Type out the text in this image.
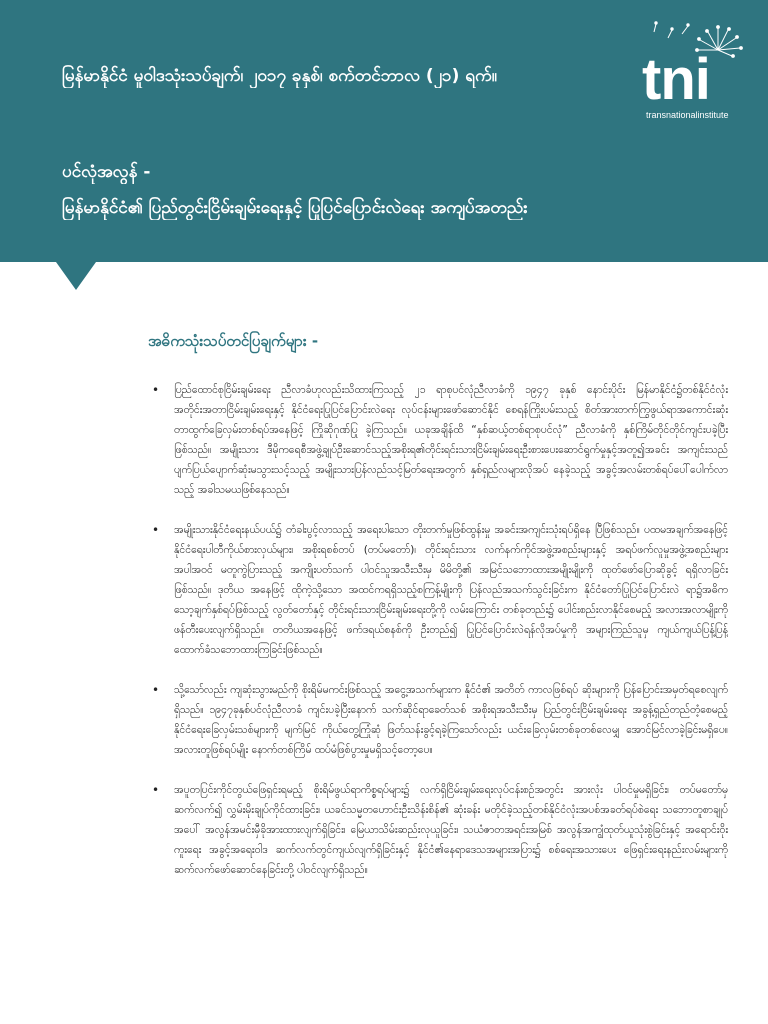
မြန်မာနိုင်ငံ မူဝါဒသုံးသပ်ချက်၊ ၂၀၁၇ ခုနှစ်၊ စက်တင်ဘာလ (၂၁) ရက်။	tni
transnationalinstitute
ပင်လုံအလွန် -
မြန်မာနိုင်ငံ၏ ပြည်တွင်းငြိမ်းချမ်းရေးနှင့် ပြုပြင်ပြောင်းလဲရေး အကျပ်အတည်း
အဓိကသုံးသပ်တင်ပြချက်များ -
• ပြည်ထောင်စုငြိမ်းချမ်းရေး ညီလာခံဟုလည်းသိထားကြသည့် ၂၁ ရာစုပင်လုံညီလာခံကို ၁၉၄၇ ခုနှစ် နောင်းပိုင်း မြန်မာနိုင်ငံ၌တစ်နိုင်ငံလုံးအတိုင်းအတာငြိမ်းချမ်းရေးနှင့် နိုင်ငံရေးပြုပြင်ပြောင်းလဲရေး လုပ်ငန်းများဖော်ဆောင်နိုင် စေရန်ကြိုးပမ်းသည့် စိတ်အားတက်ကြွဖွယ်ရာအကောင်းဆုံး တာထွက်ခြေလှမ်းတစ်ရပ်အနေဖြင့် ကြိုဆိုဂုဏ်ပြု ခဲ့ကြသည်။ ယခုအချိန်ထိ “နှစ်ဆယ့်တစ်ရာစုပင်လုံ” ညီလာခံကို နှစ်ကြိမ်တိုင်တိုင်ကျင်းပခဲ့ပြီးဖြစ်သည်။ အမျိုးသား ဒီမိုကရေစီအဖွဲ့ချုပ်ဦးဆောင်သည့်အစိုးရ၏တိုင်းရင်းသားငြိမ်းချမ်းရေးဦးစားပေးဆောင်ရွက်မှုနှင့်အတူ၍အခင်း အကျင်းသည် ပျက်ပြယ်ပျောက်ဆုံးမသွားသင့်သည့် အမျိုးသားပြန်လည်သင့်မြတ်ရေးအတွက် နှစ်ရှည်လများလိုအပ် နေခဲ့သည့် အခွင့်အလမ်းတစ်ရပ်ပေါ်ပေါက်လာသည့် အခါသမယဖြစ်နေသည်။
• အမျိုးသားနိုင်ငံရေးနယ်ပယ်၌ တံခါးပွင့်လာသည့် အရေးပါသော တိုးတက်မှုဖြစ်ထွန်းမှု အခင်းအကျင်းသုံးရပ်ရှိနေ ပြီဖြစ်သည်။ ပထမအချက်အနေဖြင့် နိုင်ငံရေးပါတီကိုယ်စားလှယ်များ၊ အစိုးရစစ်တပ် (တပ်မတော်)၊ တိုင်းရင်းသား လက်နက်ကိုင်အဖွဲ့အစည်းများနှင့် အရပ်ဖက်လူမှုအဖွဲ့အစည်းများအပါအဝင် မတူကွဲပြားသည့် အကျိုးပတ်သက် ပါဝင်သူအသီးသီးမှ မိမိတို့၏ အမြင်သဘောထားအမျိုးမျိုးကို ထုတ်ဖော်ပြောဆိုခွင့် ရရှိလာခြင်းဖြစ်သည်။ ဒုတိယ အနေဖြင့် ထိုကဲ့သို့သော အထင်ကရရှိသည့်စကြန့်မျိုးကို ပြန်လည်အသက်သွင်းခြင်းက နိုင်ငံတော်ပြုပြင်ပြောင်းလဲ ရာ၌အဓိကသော့ချက်နှစ်ရပ်ဖြစ်သည့် လွတ်တော်နှင့် တိုင်းရင်းသားငြိမ်းချမ်းရေးတို့ကို လမ်းကြောင်း တစ်ခုတည်း၌ ပေါင်းစည်းလာနိုင်စေမည့် အလားအလာမျိုးကို ဖန်တီးပေးလျက်ရှိသည်။ တတိယအနေဖြင့် ဖက်ဒရယ်စနစ်ကို ဦးတည်၍ ပြုပြင်ပြောင်းလဲရန်လိုအပ်မှုကို အများကြည်သူမှ ကျယ်ကျယ်ပြန့်ပြန့်ထောက်ခံသဘောထားကြခြင်းဖြစ်သည်။
• သို့သော်လည်း ကျဆုံးသွားမည်ကို စိုးရိမ်မကင်းဖြစ်သည့် အငွေ့အသက်များက နိုင်ငံ၏ အတိတ် ကာလဖြစ်ရပ် ဆိုးများကို ပြန်ပြောင်းအမှတ်ရစေလျက်ရှိသည်။ ၁၉၄၇ခုနှစ်ပင်လုံညီလာခံ ကျင်းပခဲ့ပြီးနောက် သက်ဆိုင်ရာခေတ်သစ် အစိုးရအသီးသီးမှ ပြည်တွင်းငြိမ်းချမ်းရေး အခွန့်ရှည်တည်တံ့စေမည့် နိုင်ငံရေးခြေလှမ်းသစ်များကို မျက်မြင် ကိုယ်တွေ့ကြုံဆုံ ဖြတ်သန်းခွင့်ရခဲ့ကြသော်လည်း ယင်းခြေလှမ်းတစ်ခုတစ်လေမျှ အောင်မြင်လာခဲ့ခြင်းမရှိပေ။ အလားတူဖြစ်ရပ်မျိုး နောက်တစ်ကြိမ် ထပ်မံဖြစ်ပွားမှုမရှိသင့်တော့ပေ။
• အပူတပြင်းကိုင်တွယ်ဖြေရှင်းရမည့် စိုးရိမ်ဖွယ်ရာကိစ္စရပ်များ၌ လက်ရှိငြိမ်းချမ်းရေးလုပ်ငန်းစဉ်အတွင်း အားလုံး ပါဝင်မှုမရှိခြင်း၊ တပ်မတော်မှဆက်လက်၍ လွှမ်းမိုးချုပ်ကိုင်ထားခြင်း၊ ယခင်သမ္မတဟောင်းဦးသိန်းစိန်၏ ဆုံးခန်း မတိုင်ခဲ့သည့်တစ်နိုင်ငံလုံးအပစ်အခတ်ရပ်စဲရေး သဘောတူစာချုပ်အပေါ် အလွန်အမင်းမှီခိုအားထားလျက်ရှိခြင်း၊ မြေယာသိမ်းဆည်းလုယူခြင်း၊ သယံဇာတအရင်းအမြစ် အလွန်အကျွံထုတ်ယူသုံးစွဲခြင်းနှင့် အရောင်းဝိုးကူးရေး အခွင့်အရေးဝါဒ ဆက်လက်တွင်ကျယ်လျက်ရှိခြင်းနှင့် နိုင်ငံ၏နေရာဒေသအများအပြား၌ စစ်ရေးအသားပေး ဖြေရှင်းရေးနည်းလမ်းများကို ဆက်လက်ဖော်ဆောင်နေခြင်းတို့ ပါဝင်လျက်ရှိသည်။
